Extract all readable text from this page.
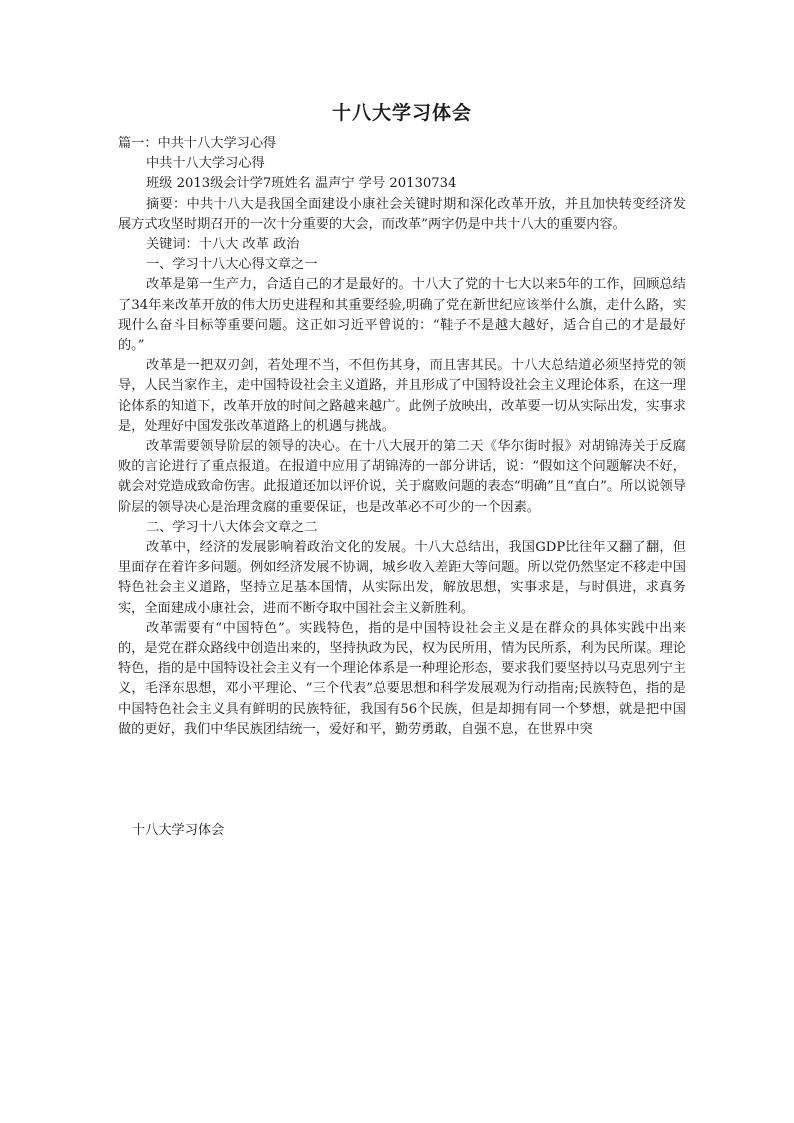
十八大学习体会
篇一：中共十八大学习心得
中共十八大学习心得
班级 2013级会计学7班姓名 温声宁 学号 20130734

摘要：中共十八大是我国全面建设小康社会关键时期和深化改革开放，并且加快转变经济发展方式攻坚时期召开的一次十分重要的大会，而改革”两字仍是中共十八大的重要内容。

关键词：十八大 改革 政治
一、学习十八大心得文章之一

改革是第一生产力，合适自己的才是最好的。十八大了党的十七大以来5年的工作，回顾总结了34年来改革开放的伟大历史进程和其重要经验,明确了党在新世纪应该举什么旗，走什么路，实现什么奋斗目标等重要问题。这正如习近平曾说的：“鞋子不是越大越好，适合自己的才是最好的。”

改革是一把双刃剑，若处理不当，不但伤其身，而且害其民。十八大总结道必须坚持党的领导，人民当家作主，走中国特设社会主义道路，并且形成了中国特设社会主义理论体系，在这一理论体系的知道下，改革开放的时间之路越来越广。此例子放映出，改革要一切从实际出发，实事求是，处理好中国发张改革道路上的机遇与挑战。

改革需要领导阶层的领导的决心。在十八大展开的第二天《华尔街时报》对胡锦涛关于反腐败的言论进行了重点报道。在报道中应用了胡锦涛的一部分讲话，说：“假如这个问题解决不好，就会对党造成致命伤害。此报道还加以评价说，关于腐败问题的表态“明确”且“直白”。所以说领导阶层的领导决心是治理贪腐的重要保证，也是改革必不可少的一个因素。

二、学习十八大体会文章之二

改革中，经济的发展影响着政治文化的发展。十八大总结出，我国GDP比往年又翻了翻，但里面存在着许多问题。例如经济发展不协调，城乡收入差距大等问题。所以党仍然坚定不移走中国特色社会主义道路，坚持立足基本国情，从实际出发，解放思想，实事求是，与时俱进，求真务实，全面建成小康社会，进而不断夺取中国社会主义新胜利。

改革需要有“中国特色”。实践特色，指的是中国特设社会主义是在群众的具体实践中出来的，是党在群众路线中创造出来的，坚持执政为民，权为民所用，情为民所系，利为民所谋。理论特色，指的是中国特设社会主义有一个理论体系是一种理论形态，要求我们要坚持以马克思列宁主义，毛泽东思想，邓小平理论、“三个代表”总要思想和科学发展观为行动指南;民族特色，指的是中国特色社会主义具有鲜明的民族特征，我国有56个民族，但是却拥有同一个梦想，就是把中国做的更好，我们中华民族团结统一，爱好和平，勤劳勇敢，自强不息，在世界中突

十八大学习体会
